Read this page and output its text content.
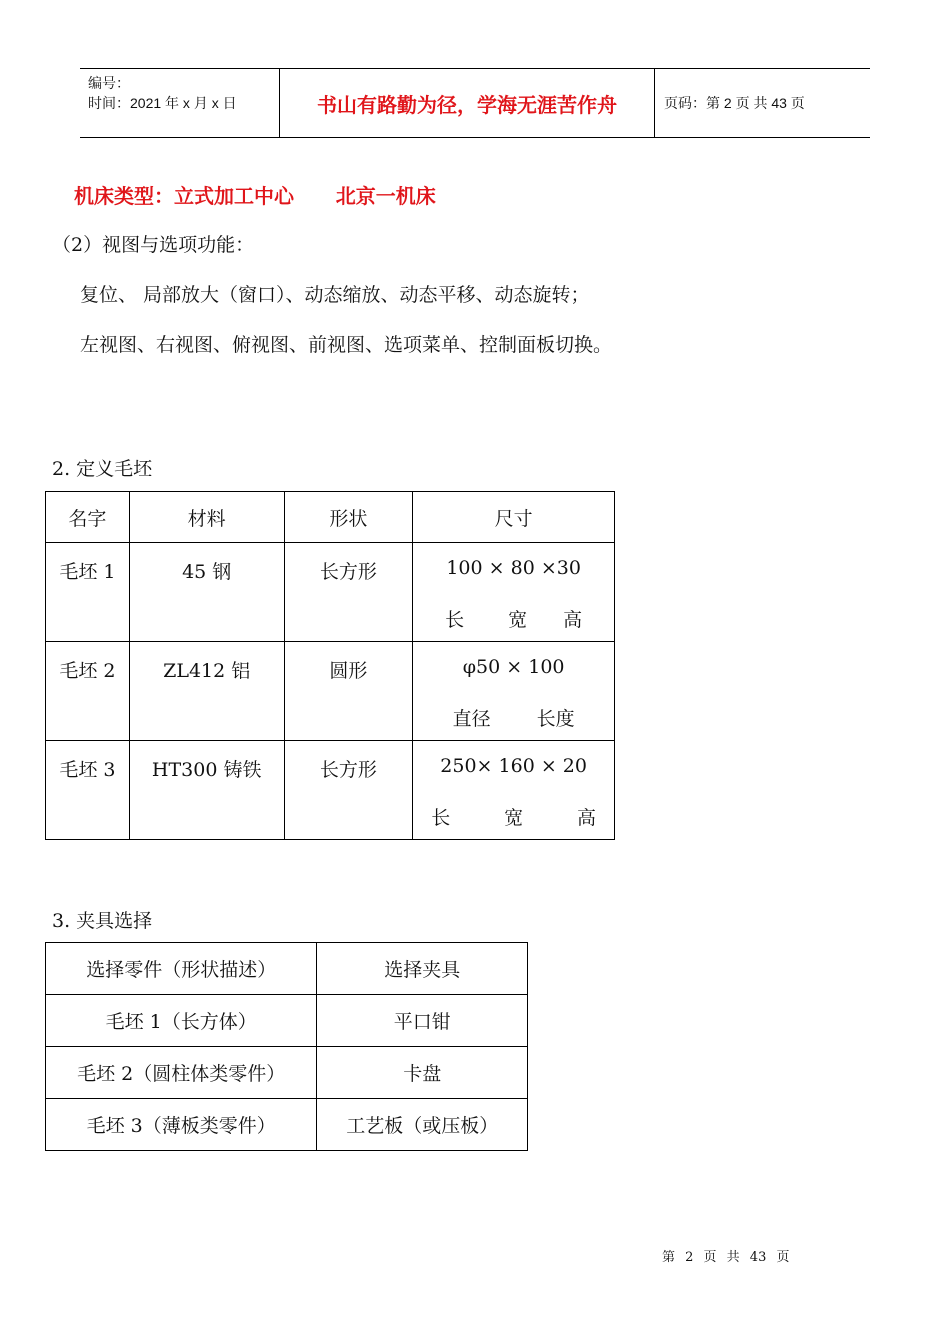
编号：
时间：2021 年 x 月 x 日	书山有路勤为径，学海无涯苦作舟	页码：第 2 页 共 43 页
机床类型：立式加工中心      北京一机床
（2）视图与选项功能：
复位、 局部放大（窗口）、动态缩放、动态平移、动态旋转；
左视图、右视图、俯视图、前视图、选项菜单、控制面板切换。
2. 定义毛坯
名字	材料	形状	尺寸
毛坯 1	45 钢	长方形	100 × 80 ×30
长 宽 高

毛坯 2	ZL412 铝	圆形	φ50 × 100
直径 长度

毛坯 3	HT300 铸铁	长方形	250× 160 × 20
长 宽 高
3. 夹具选择
选择零件（形状描述）	选择夹具
毛坯 1（长方体）	平口钳
毛坯 2（圆柱体类零件）	卡盘
毛坯 3（薄板类零件）	工艺板（或压板）
第 2 页 共 43 页
